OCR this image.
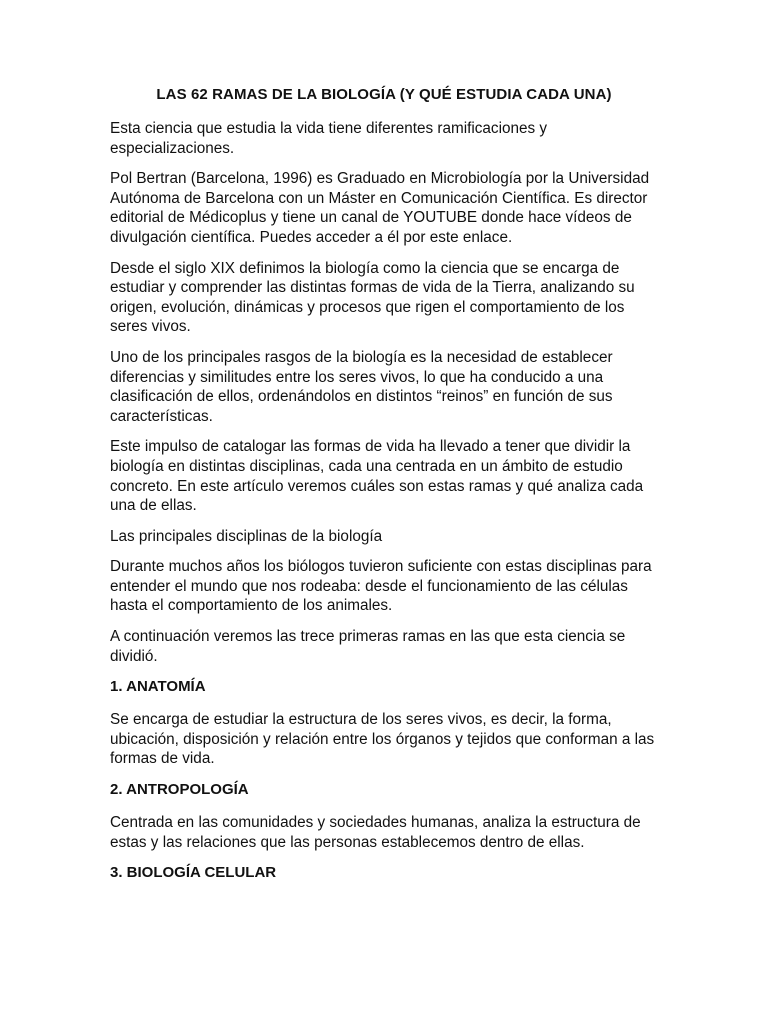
LAS 62 RAMAS DE LA BIOLOGÍA (Y QUÉ ESTUDIA CADA UNA)

Esta ciencia que estudia la vida tiene diferentes ramificaciones y especializaciones.

Pol Bertran (Barcelona, 1996) es Graduado en Microbiología por la Universidad Autónoma de Barcelona con un Máster en Comunicación Científica. Es director editorial de Médicoplus y tiene un canal de YOUTUBE donde hace vídeos de divulgación científica. Puedes acceder a él por este enlace.

Desde el siglo XIX definimos la biología como la ciencia que se encarga de estudiar y comprender las distintas formas de vida de la Tierra, analizando su origen, evolución, dinámicas y procesos que rigen el comportamiento de los seres vivos.

Uno de los principales rasgos de la biología es la necesidad de establecer diferencias y similitudes entre los seres vivos, lo que ha conducido a una clasificación de ellos, ordenándolos en distintos “reinos” en función de sus características.

Este impulso de catalogar las formas de vida ha llevado a tener que dividir la biología en distintas disciplinas, cada una centrada en un ámbito de estudio concreto. En este artículo veremos cuáles son estas ramas y qué analiza cada una de ellas.

Las principales disciplinas de la biología

Durante muchos años los biólogos tuvieron suficiente con estas disciplinas para entender el mundo que nos rodeaba: desde el funcionamiento de las células hasta el comportamiento de los animales.

A continuación veremos las trece primeras ramas en las que esta ciencia se dividió.

1. ANATOMÍA

Se encarga de estudiar la estructura de los seres vivos, es decir, la forma, ubicación, disposición y relación entre los órganos y tejidos que conforman a las formas de vida.

2. ANTROPOLOGÍA

Centrada en las comunidades y sociedades humanas, analiza la estructura de estas y las relaciones que las personas establecemos dentro de ellas.

3. BIOLOGÍA CELULAR
